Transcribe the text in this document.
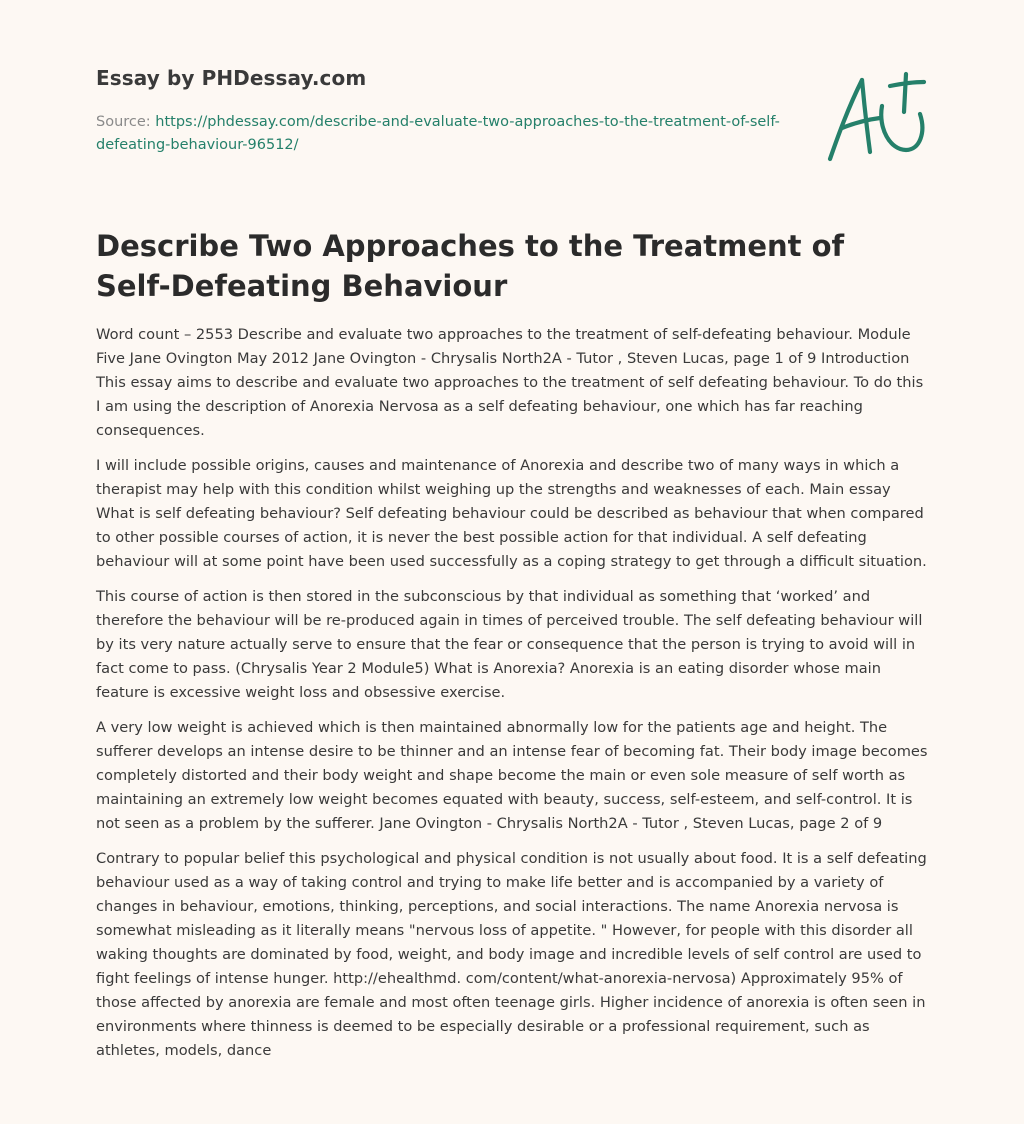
Essay by PHDessay.com

Source: https://phdessay.com/describe-and-evaluate-two-approaches-to-the-treatment-of-self-defeating-behaviour-96512/

Describe Two Approaches to the Treatment of Self-Defeating Behaviour

Word count – 2553 Describe and evaluate two approaches to the treatment of self-defeating behaviour. Module Five Jane Ovington May 2012 Jane Ovington - Chrysalis North2A - Tutor , Steven Lucas, page 1 of 9 Introduction This essay aims to describe and evaluate two approaches to the treatment of self defeating behaviour. To do this I am using the description of Anorexia Nervosa as a self defeating behaviour, one which has far reaching consequences.

I will include possible origins, causes and maintenance of Anorexia and describe two of many ways in which a therapist may help with this condition whilst weighing up the strengths and weaknesses of each. Main essay What is self defeating behaviour? Self defeating behaviour could be described as behaviour that when compared to other possible courses of action, it is never the best possible action for that individual. A self defeating behaviour will at some point have been used successfully as a coping strategy to get through a difficult situation.

This course of action is then stored in the subconscious by that individual as something that ‘worked’ and therefore the behaviour will be re-produced again in times of perceived trouble. The self defeating behaviour will by its very nature actually serve to ensure that the fear or consequence that the person is trying to avoid will in fact come to pass. (Chrysalis Year 2 Module5) What is Anorexia? Anorexia is an eating disorder whose main feature is excessive weight loss and obsessive exercise.

A very low weight is achieved which is then maintained abnormally low for the patients age and height. The sufferer develops an intense desire to be thinner and an intense fear of becoming fat. Their body image becomes completely distorted and their body weight and shape become the main or even sole measure of self worth as maintaining an extremely low weight becomes equated with beauty, success, self-esteem, and self-control. It is not seen as a problem by the sufferer. Jane Ovington - Chrysalis North2A - Tutor , Steven Lucas, page 2 of 9

Contrary to popular belief this psychological and physical condition is not usually about food. It is a self defeating behaviour used as a way of taking control and trying to make life better and is accompanied by a variety of changes in behaviour, emotions, thinking, perceptions, and social interactions. The name Anorexia nervosa is somewhat misleading as it literally means "nervous loss of appetite. " However, for people with this disorder all waking thoughts are dominated by food, weight, and body image and incredible levels of self control are used to fight feelings of intense hunger. http://ehealthmd. com/content/what-anorexia-nervosa) Approximately 95% of those affected by anorexia are female and most often teenage girls. Higher incidence of anorexia is often seen in environments where thinness is deemed to be especially desirable or a professional requirement, such as athletes, models, dance
